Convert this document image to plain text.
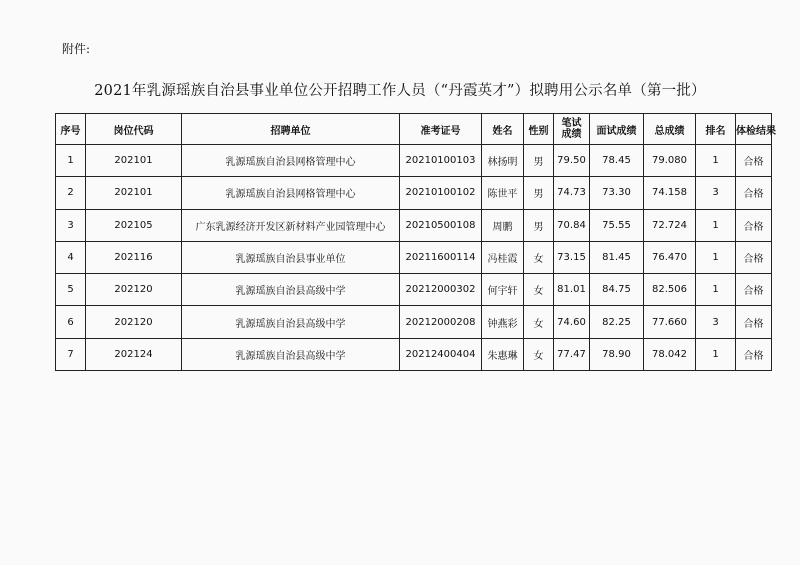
附件:
2021年乳源瑶族自治县事业单位公开招聘工作人员（“丹霞英才”）拟聘用公示名单（第一批）
序号	岗位代码	招聘单位	准考证号	姓名	性别	笔试
成绩	面试成绩	总成绩	排名	体检结果
1	202101	乳源瑶族自治县网格管理中心	20210100103	林扬明	男	79.50	78.45	79.080	1	合格
2	202101	乳源瑶族自治县网格管理中心	20210100102	陈世平	男	74.73	73.30	74.158	3	合格
3	202105	广东乳源经济开发区新材料产业园管理中心	20210500108	周鹏	男	70.84	75.55	72.724	1	合格
4	202116	乳源瑶族自治县事业单位	20211600114	冯桂霞	女	73.15	81.45	76.470	1	合格
5	202120	乳源瑶族自治县高级中学	20212000302	何宇轩	女	81.01	84.75	82.506	1	合格
6	202120	乳源瑶族自治县高级中学	20212000208	钟燕彩	女	74.60	82.25	77.660	3	合格
7	202124	乳源瑶族自治县高级中学	20212400404	朱惠琳	女	77.47	78.90	78.042	1	合格
